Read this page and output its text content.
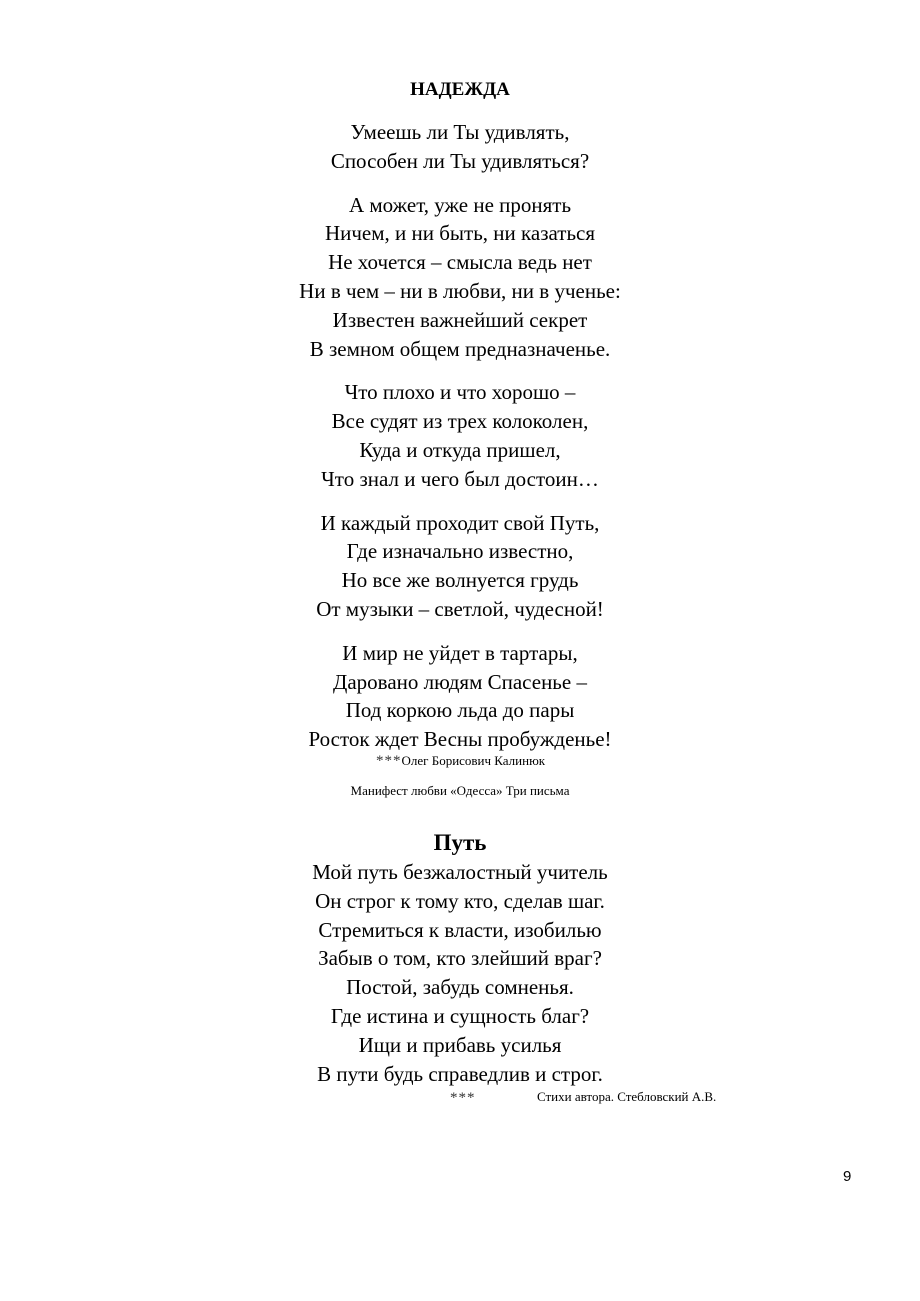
НАДЕЖДА
Умеешь ли Ты удивлять,
Способен ли Ты удивляться?
А может, уже не пронять
Ничем, и ни быть, ни казаться
Не хочется – смысла ведь нет
Ни в чем – ни в любви, ни в ученье:
Известен важнейший секрет
В земном общем предназначенье.
Что плохо и что хорошо –
Все судят из трех колоколен,
Куда и откуда пришел,
Что знал и чего был достоин…
И каждый проходит свой Путь,
Где изначально известно,
Но все же волнуется грудь
От музыки – светлой, чудесной!
И мир не уйдет в тартары,
Даровано людям Спасенье –
Под коркою льда до пары
Росток ждет Весны пробужденье!
***Олег Борисович Калинюк
Манифест любви «Одесса» Три письма
Путь
Мой путь безжалостный учитель
Он строг к тому кто, сделав шаг.
Стремиться к власти, изобилью
Забыв о том, кто злейший враг?
Постой, забудь сомненья.
Где истина и сущность благ?
Ищи и прибавь усилья
В пути будь справедлив и строг.
***	Стихи автора. Стебловский А.В.
9
